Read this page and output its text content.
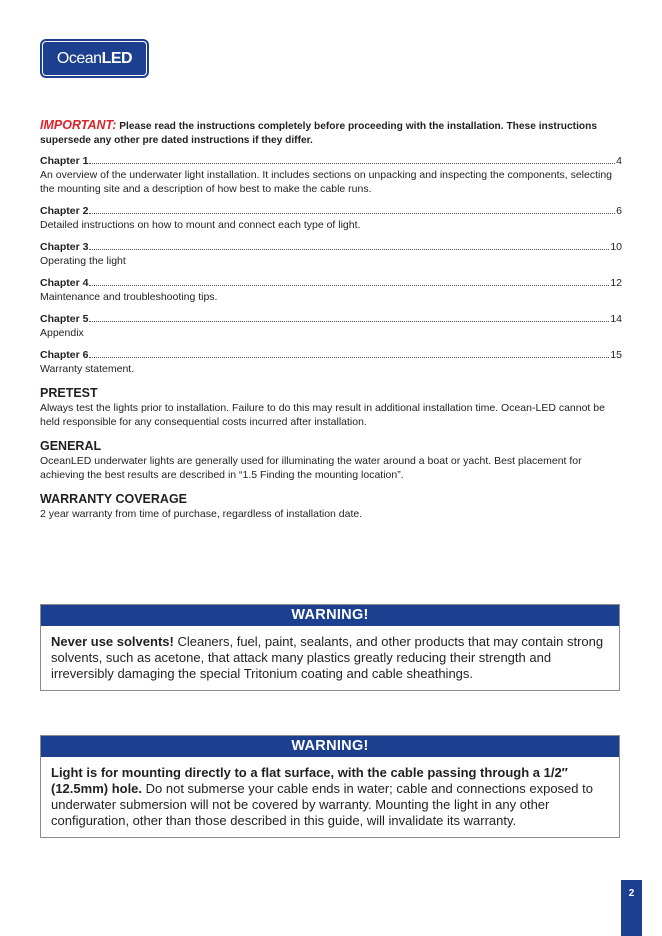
Ocean LED

IMPORTANT: Please read the instructions completely before proceeding with the installation. These instructions supersede any other pre dated instructions if they differ.

Chapter 1	4
An overview of the underwater light installation. It includes sections on unpacking and inspecting the components, selecting the mounting site and a description of how best to make the cable runs.
Chapter 2	6
Detailed instructions on how to mount and connect each type of light.
Chapter 3	10
Operating the light
Chapter 4	12
Maintenance and troubleshooting tips.
Chapter 5	14
Appendix
Chapter 6	15
Warranty statement.
PRETEST

Always test the lights prior to installation. Failure to do this may result in additional installation time. Ocean-LED cannot be held responsible for any consequential costs incurred after installation.

GENERAL

OceanLED underwater lights are generally used for illuminating the water around a boat or yacht. Best placement for achieving the best results are described in “1.5 Finding the mounting location”.

WARRANTY COVERAGE

2 year warranty from time of purchase, regardless of installation date.

WARNING!
Never use solvents! Cleaners, fuel, paint, sealants, and other products that may contain strong solvents, such as acetone, that attack many plastics greatly reducing their strength and irreversibly damaging the special Tritonium coating and cable sheathings.
WARNING!
Light is for mounting directly to a flat surface, with the cable passing through a 1/2″ (12.5mm) hole. Do not submerse your cable ends in water; cable and connections exposed to underwater submersion will not be covered by warranty. Mounting the light in any other configuration, other than those described in this guide, will invalidate its warranty.
2
